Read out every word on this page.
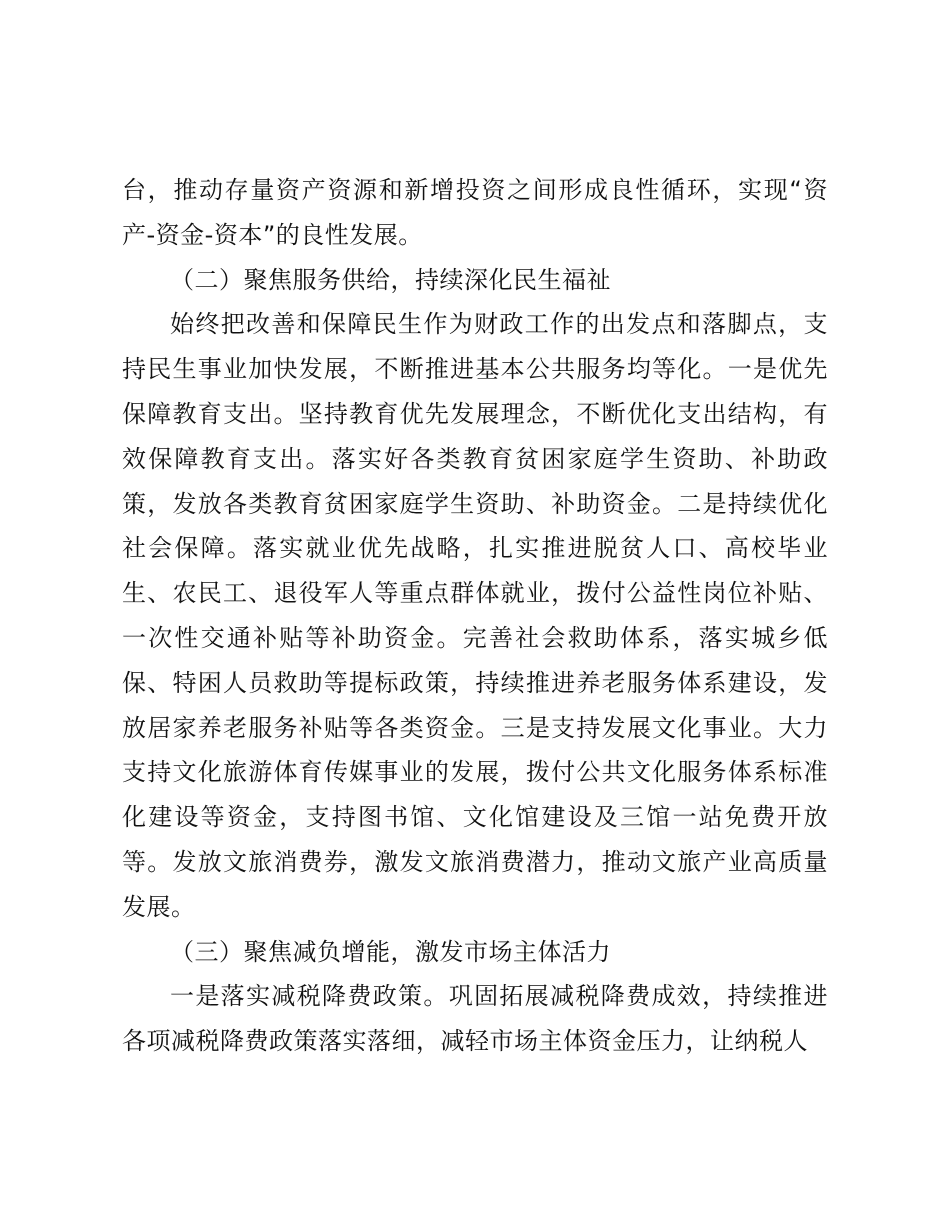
台，推动存量资产资源和新增投资之间形成良性循环，实现“资产-资金-资本”的良性发展。

（二）聚焦服务供给，持续深化民生福祉

始终把改善和保障民生作为财政工作的出发点和落脚点，支持民生事业加快发展，不断推进基本公共服务均等化。一是优先保障教育支出。坚持教育优先发展理念，不断优化支出结构，有效保障教育支出。落实好各类教育贫困家庭学生资助、补助政策，发放各类教育贫困家庭学生资助、补助资金。二是持续优化社会保障。落实就业优先战略，扎实推进脱贫人口、高校毕业生、农民工、退役军人等重点群体就业，拨付公益性岗位补贴、一次性交通补贴等补助资金。完善社会救助体系，落实城乡低保、特困人员救助等提标政策，持续推进养老服务体系建设，发放居家养老服务补贴等各类资金。三是支持发展文化事业。大力支持文化旅游体育传媒事业的发展，拨付公共文化服务体系标准化建设等资金，支持图书馆、文化馆建设及三馆一站免费开放等。发放文旅消费券，激发文旅消费潜力，推动文旅产业高质量发展。

（三）聚焦减负增能，激发市场主体活力

一是落实减税降费政策。巩固拓展减税降费成效，持续推进各项减税降费政策落实落细，减轻市场主体资金压力，让纳税人
